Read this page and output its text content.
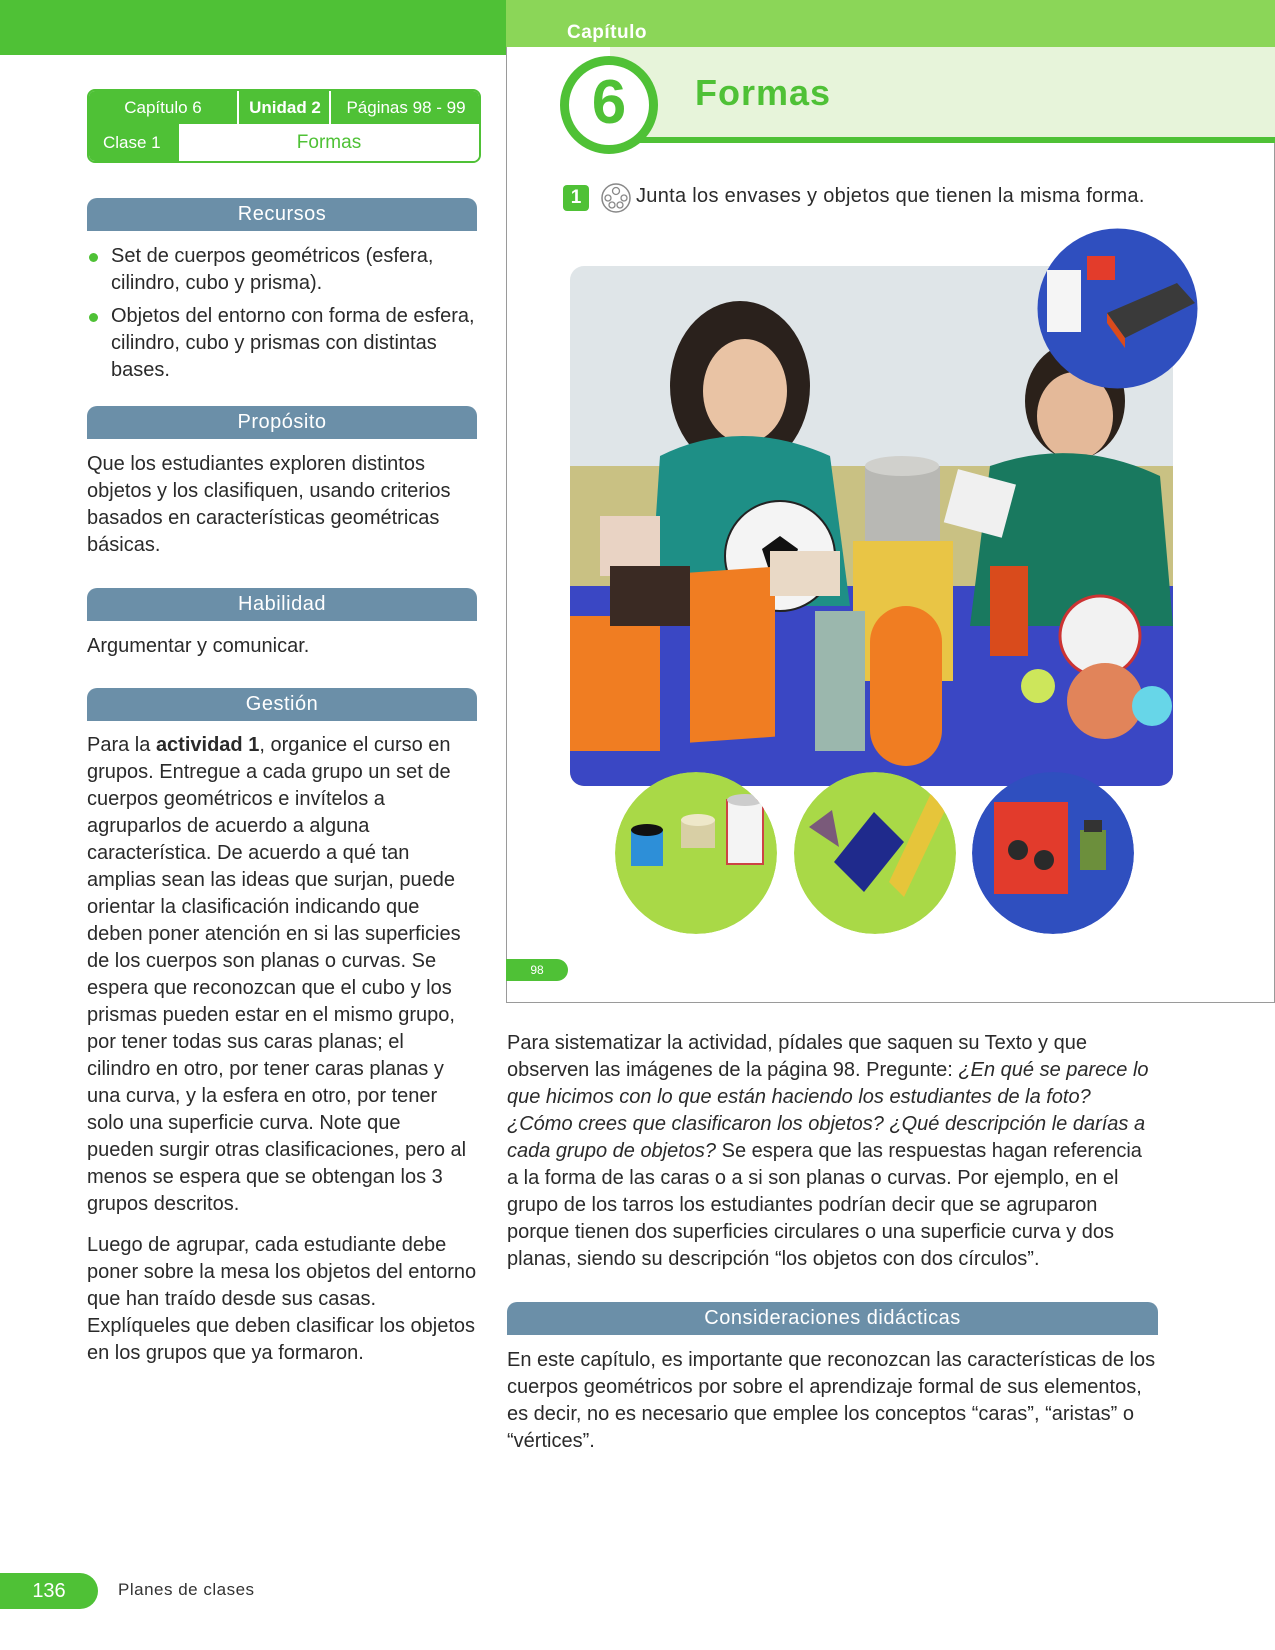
Capítulo
6	Formas
1	Junta los envases y objetos que tienen la misma forma.
98
Capítulo 6	Unidad 2	Páginas 98 - 99
Clase 1	Formas
Recursos
Set de cuerpos geométricos (esfera, cilindro, cubo y prisma).
Objetos del entorno con forma de esfera, cilindro, cubo y prismas con distintas bases.
Propósito

Que los estudiantes exploren distintos objetos y los clasifiquen, usando criterios basados en características geométricas básicas.

Habilidad

Argumentar y comunicar.

Gestión

Para la actividad 1, organice el curso en grupos. Entregue a cada grupo un set de cuerpos geométricos e invítelos a agruparlos de acuerdo a alguna característica. De acuerdo a qué tan amplias sean las ideas que surjan, puede orientar la clasificación indicando que deben poner atención en si las superficies de los cuerpos son planas o curvas. Se espera que reconozcan que el cubo y los prismas pueden estar en el mismo grupo, por tener todas sus caras planas; el cilindro en otro, por tener caras planas y una curva, y la esfera en otro, por tener solo una superficie curva. Note que pueden surgir otras clasificaciones, pero al menos se espera que se obtengan los 3 grupos descritos.

Luego de agrupar, cada estudiante debe poner sobre la mesa los objetos del entorno que han traído desde sus casas. Explíqueles que deben clasificar los objetos en los grupos que ya formaron.

Para sistematizar la actividad, pídales que saquen su Texto y que observen las imágenes de la página 98. Pregunte: ¿En qué se parece lo que hicimos con lo que están haciendo los estudiantes de la foto? ¿Cómo crees que clasificaron los objetos? ¿Qué descripción le darías a cada grupo de objetos? Se espera que las respuestas hagan referencia a la forma de las caras o a si son planas o curvas. Por ejemplo, en el grupo de los tarros los estudiantes podrían decir que se agruparon porque tienen dos superficies circulares o una superficie curva y dos planas, siendo su descripción “los objetos con dos círculos”.

Consideraciones didácticas

En este capítulo, es importante que reconozcan las características de los cuerpos geométricos por sobre el aprendizaje formal de sus elementos, es decir, no es necesario que emplee los conceptos “caras”, “aristas” o “vértices”.

136	Planes de clases
